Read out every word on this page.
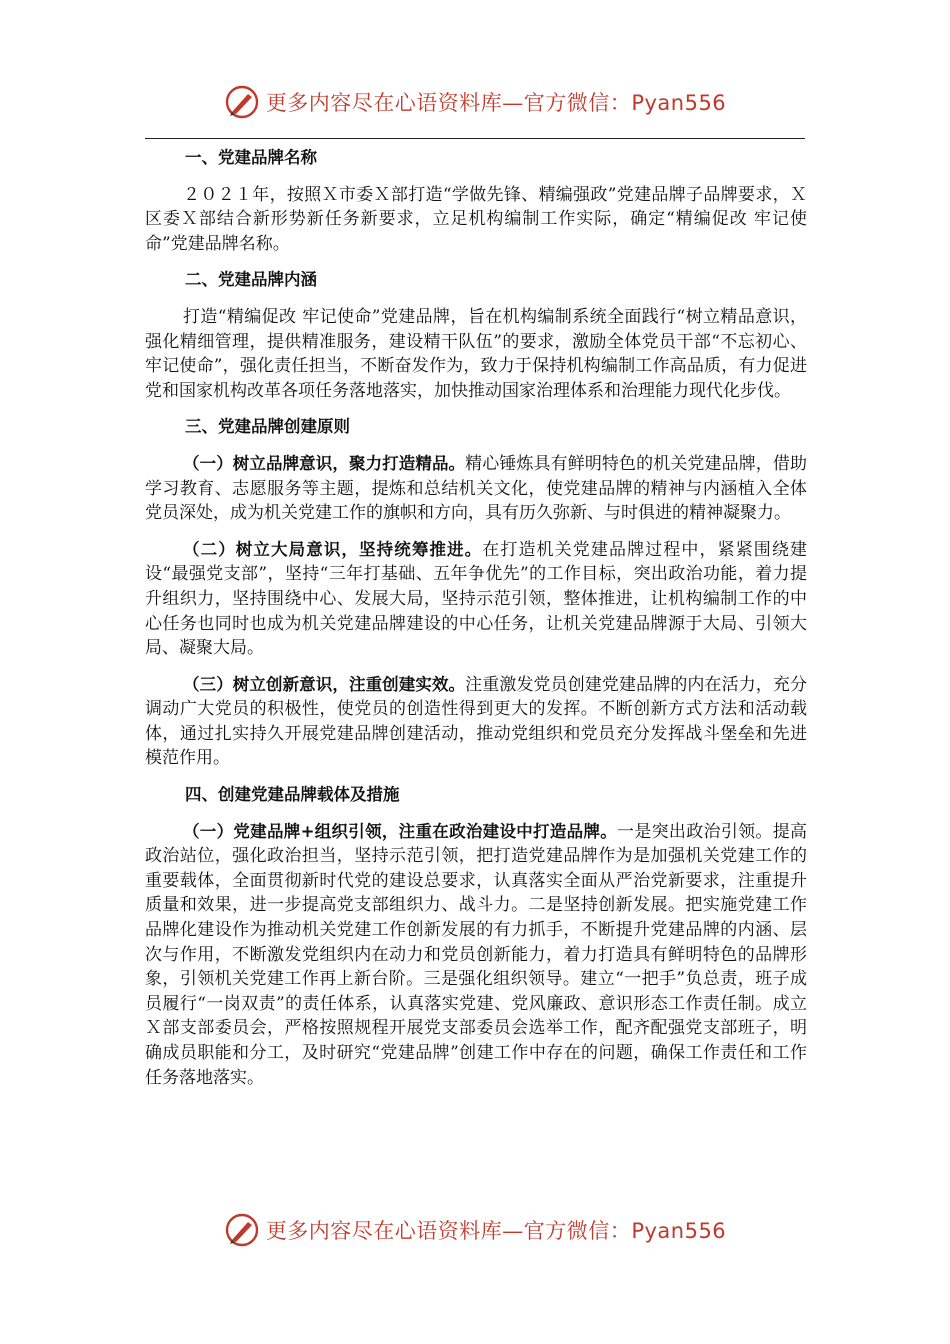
更多内容尽在心语资料库—官方微信：Pyan556
一、党建品牌名称

２０２１年，按照Ｘ市委Ｘ部打造“学做先锋、精编强政”党建品牌子品牌要求，Ｘ区委Ｘ部结合新形势新任务新要求，立足机构编制工作实际，确定“精编促改 牢记使命”党建品牌名称。

二、党建品牌内涵

打造“精编促改 牢记使命”党建品牌，旨在机构编制系统全面践行“树立精品意识，强化精细管理，提供精准服务，建设精干队伍”的要求，激励全体党员干部“不忘初心、牢记使命”，强化责任担当，不断奋发作为，致力于保持机构编制工作高品质，有力促进党和国家机构改革各项任务落地落实，加快推动国家治理体系和治理能力现代化步伐。

三、党建品牌创建原则

（一）树立品牌意识，聚力打造精品。精心锤炼具有鲜明特色的机关党建品牌，借助学习教育、志愿服务等主题，提炼和总结机关文化，使党建品牌的精神与内涵植入全体党员深处，成为机关党建工作的旗帜和方向，具有历久弥新、与时俱进的精神凝聚力。

（二）树立大局意识，坚持统筹推进。在打造机关党建品牌过程中，紧紧围绕建设“最强党支部”，坚持“三年打基础、五年争优先”的工作目标，突出政治功能，着力提升组织力，坚持围绕中心、发展大局，坚持示范引领，整体推进，让机构编制工作的中心任务也同时也成为机关党建品牌建设的中心任务，让机关党建品牌源于大局、引领大局、凝聚大局。

（三）树立创新意识，注重创建实效。注重激发党员创建党建品牌的内在活力，充分调动广大党员的积极性，使党员的创造性得到更大的发挥。不断创新方式方法和活动载体，通过扎实持久开展党建品牌创建活动，推动党组织和党员充分发挥战斗堡垒和先进模范作用。

四、创建党建品牌载体及措施

（一）党建品牌+组织引领，注重在政治建设中打造品牌。一是突出政治引领。提高政治站位，强化政治担当，坚持示范引领，把打造党建品牌作为是加强机关党建工作的重要载体，全面贯彻新时代党的建设总要求，认真落实全面从严治党新要求，注重提升质量和效果，进一步提高党支部组织力、战斗力。二是坚持创新发展。把实施党建工作品牌化建设作为推动机关党建工作创新发展的有力抓手，不断提升党建品牌的内涵、层次与作用，不断激发党组织内在动力和党员创新能力，着力打造具有鲜明特色的品牌形象，引领机关党建工作再上新台阶。三是强化组织领导。建立“一把手”负总责，班子成员履行“一岗双责”的责任体系，认真落实党建、党风廉政、意识形态工作责任制。成立Ｘ部支部委员会，严格按照规程开展党支部委员会选举工作，配齐配强党支部班子，明确成员职能和分工，及时研究“党建品牌”创建工作中存在的问题，确保工作责任和工作任务落地落实。

更多内容尽在心语资料库—官方微信：Pyan556
